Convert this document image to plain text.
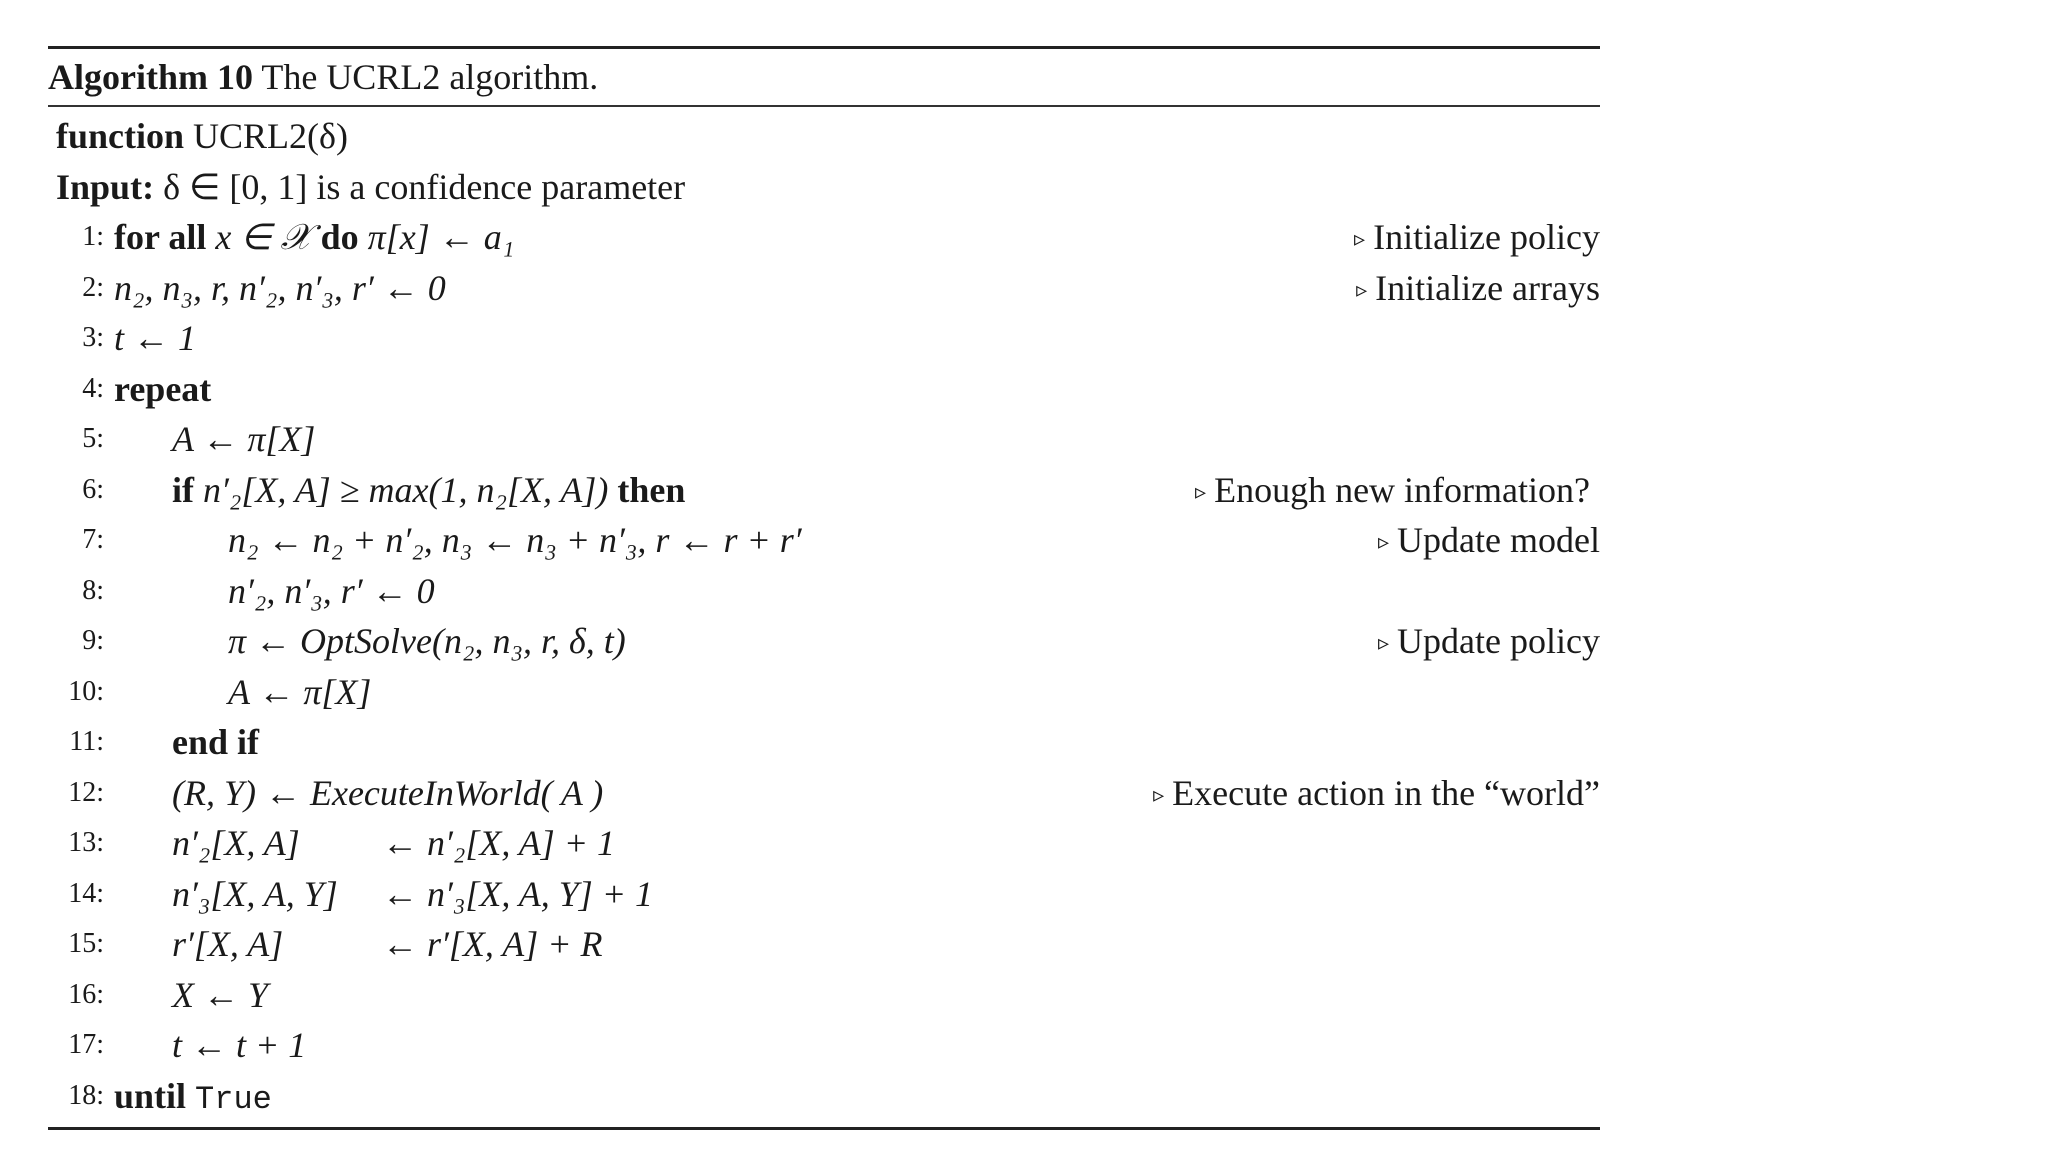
Algorithm 10 The UCRL2 algorithm.
function UCRL2(δ)
Input: δ ∈ [0, 1] is a confidence parameter
1: for all x ∈ 𝒳 do π[x] ← a₁	▹ Initialize policy
2: n₂, n₃, r, n′₂, n′₃, r′ ← 0	▹ Initialize arrays
3: t ← 1
4: repeat
5: A ← π[X]
6: if n′₂[X, A] ≥ max(1, n₂[X, A]) then	▹ Enough new information?
7:	n₂ ← n₂ + n′₂, n₃ ← n₃ + n′₃, r ← r + r′	▹ Update model
8:	n′₂, n′₃, r′ ← 0
9:	π ← OptSolve(n₂, n₃, r, δ, t)	▹ Update policy
10:	A ← π[X]
11: end if
12: (R, Y) ← ExecuteInWorld( A )	▹ Execute action in the “world”
13: n′₂[X, A] ← n′₂[X, A] + 1
14: n′₃[X, A, Y] ← n′₃[X, A, Y] + 1
15: r′[X, A]	← r′[X, A] + R
16: X ← Y
17: t ← t + 1
18: until True
